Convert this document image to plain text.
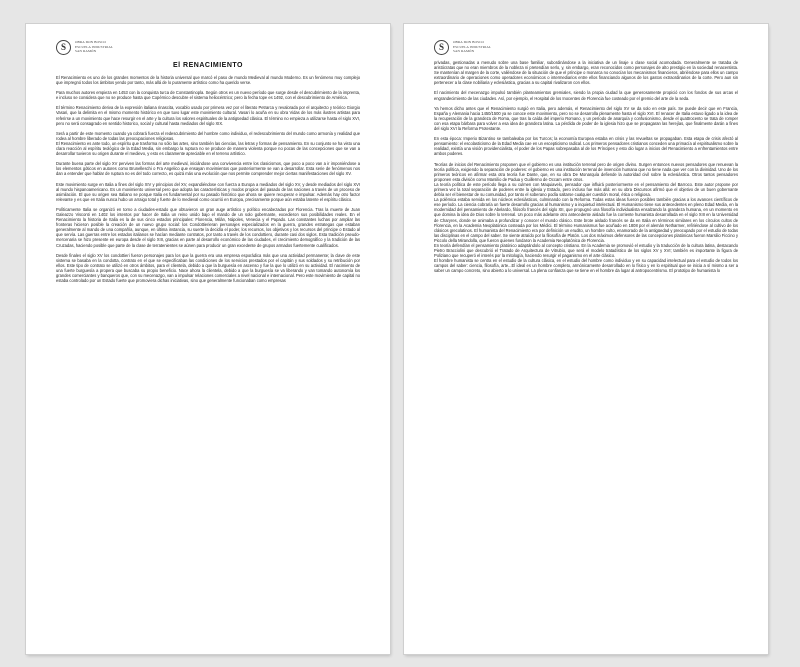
S	OBRA DON BOSCO
ESCUELA INDUSTRIAL
SAN RAMÓN
El RENACIMIENTO

El Renacimiento es uno de los grandes momentos de la historia universal que marcó el paso de mundo Medieval al mundo Moderno. Es un fenómeno muy complejo que impregnó todos los ámbitos yendo por tanto, más allá de lo puramente artístico como ha querido verse.

Para muchos autores empieza en 1453 con la conquista turca de Constantinopla. Según otros es un nuevo período que surge desde el descubrimiento de la imprenta, e incluso se considera que no se produce hasta que Copérnico descubre el sistema heliocéntrico; pero la fecha tope es 1492, con el descubrimiento de América.

El término Renacimiento deriva de la expresión italiana rinascita, vocablo usado por primera vez por el literato Petrarca y revalorada por el arquitecto y teórico Giorgio Vasari, que la delimita en el mismo momento histórico en que tuvo lugar este movimiento cultural. Vasari lo acuña en su obra Vidas de los más ilustres artistas para referirse a un movimiento que hace resurgir en el arte y la cultura los valores espirituales de la antigüedad clásica. El término no empieza a utilizarse hasta el siglo XVI, pero no será consagrado en sentido historico, social y cultural hasta mediados del siglo XIX.

Será a partir de este momento cuando ya cobrará fuerza el redescubrimiento del hombre como individuo, el redescubrimiento del mundo como armonía y realidad que rodea al hombre liberado de todas las preocupaciones religiosas.
El Renacimiento es ante todo, un espíritu que trasforma no sólo las artes, sino también las ciencias, las letras y formas de pensamiento. En su conjunto se ha visto una clara reacción al espíritu teológico de la Edad Media, sin embargo la ruptura no se produce de manera violenta porque no pocas de las concepciones que se van a desarrollar tuvieron su origen durante el medievo, y esto es claramente apreciable en el terreno artístico.

Durante buena parte del siglo XV perviven las formas del arte medieval, iniciándose una convivencia entre los clasicismos, que poco a poco van a ir imponiéndose a los elementos góticos en autores como Brunelleschi o Fra Angelico que ensayan movimientos que posteriormente se van a desarrollar. Esta serie de fenómenos nos dan a entender que hablar de ruptura no es del todo correcto, es quizá más una evolución que nos permite comprender mejor ciertas manifestaciones del siglo XV.

Este movimiento surge en Italia a fines del siglo XIV y principios del XV, expandiéndose con fuerza a Europa a mediados del siglo XV, y desde mediados del siglo XVI al mundo hispanoamericano. Es un movimiento universal pero que adopta las características y modos propios del pasado de las naciones a través de un proceso de asimilación. El que su origen sea Italiano se porque Italia es fundamental por su pasado histórico que ahora se quiere recuperar e impulsar. Además hay otro factor relevante y es que en Italia nunca hubo un arraigo total y fuerte de lo medieval como ocurrió en Europa, precisamente porque aún estaba latente el espíritu clásico.

Políticamente Italia se organizó en torno a ciudades-estado que obtuvieron un gran auge artístico y político encabezadas por Florencia. Tras la muerte de Juan Galeazzo Visconti en 1402 los intentos por hacer de Italia un reino unido bajo el mando de un solo gobernante, excedieron sus posibilidades reales. En el Renacimiento la historia de Italia es la de sus cinco estados principales: Florencia, Milán, Nápoles, Venecia y el Papado. Las constantes luchas por ampliar las fronteras hicieron posible la creación de un nuevo grupo social: los Condottierieran personajes especializados en la guerra, grandes estrategas que estaban generalmente al mando de una compañía, aunque, en última instancia, su suerte la decidía el poder, los recursos, los objetivos y los recursos del príncipe o Estado al que servía. Las guerras entre los estados italianos se hacían mediante contratos, por tanto a través de los condottiero, durante casi dos siglos. Esta tradición pseudo-mercenaria se hizo presente en europa desde el siglo XIII, gracias en parte al desarrollo económico de las ciudades, el crecimiento demográfico y la tradición de las Cruzadas, haciendo posible que parte de la clase de terratenientes se aúnen para producir un gran excedente de grupos armados fuertemente cualificados.

Desde finales el siglo XV los condottieri fueron personajes para los que la guerra era una empresa esporádica más que una actividad permanente; la clave de este sistema se basaba en la condotta, contrato en el que se especificaban las condiciones de los servicios prestados por el capitán y sus soldados y su retribución por ellos. Este tipo de contrato se utilizó en otros ámbitos, para el clientela, debido a que la burguesía en ascenso y fue la que lo utilizó en su actividad. El nacimiento de una fuerte burguesía a propera que buscaba su propio beneficio. Nace ahora la clientela, debido a que la burguesía se va liberando y van tomando autonomía los grandes comerciantes y banqueros que, con su mecenazgo, van a impulsar relaciones comerciales a nivel nacional e internacional. Pero este movimiento de capital no estaba controlado por un Estado fuerte que promoviera dichas iniciativas, sino que generalmente funcionaban como empresas

S	OBRA DON BOSCO
ESCUELA INDUSTRIAL
SAN RAMÓN

privadas, gestionadas a menudo sobre una base familiar, subordinándose a la iniciativa de un linaje o clase social acomodada. Generalmente se trataba de aristócratas que no eran miembros de la nobleza ni pretendían serlo, y, sin embargo, eran reconocidos como personajes de alto prestigio en la sociedad renacentista. Se mantenían al margen de la corte, valiéndose de la situación de que el príncipe o monarca no conocían los mecanismos financieros, abriéndose para ellos un campo extraordinario de operaciones como operadores económicos o intermediarios entre ellos financiando algunos de los gastos extraordinarios de la corte. Pero aun sin pertenecer a la clase nobiliaria y eclesiástica, gracias a su capital rivalizaron con ellos.

El nacimiento del mecenazgo impulsó también planteamientos gremiales, siendo la propia ciudad la que generosamente propició con los fondos de sus arcas el engrandecimiento de las ciudades. Así, por ejemplo, el Hospital de los Inocentes de Florencia fue costeado por el gremio del arte de la seda.

Ya hemos dicho antes que el Renacimiento surgió en Italia, pero además, el Renacimiento del siglo XV se da solo en este país. Se puede decir que en Francia, España y Alemania hacia 1450/1500 ya se conoce este movimiento, pero no se desarrolla plenamente hasta el siglo XVI. El renacer de Italia estuvo ligado a la idea de la recuperación de la grandeza de Roma, que tras la caída del imperio Romano, y un período de anarquía y confusionismo, desde el quattrocento se trata de romper con esa etapa bárbara para volver a esa idea de grandeza latina. La pérdida de poder de la iglesia hizo que se propagaran las herejías, que finalmente darán a fines del siglo XVI la Reforma Protestante.

En esta época: Imperio Bizantino se tambaleaba por los Turcos; la economía Europea estaba en crisis y las revueltas se propagaban. Esta etapa de crisis afectó al pensamiento: el escolasticismo de la Edad Media cae en un escepticismo radical. Los primeros pensadores cristianos conceden una primacía al espiritualismo sobre la realidad, existía una visión providencialista, el poder de los Papas sobrepasaba al de los Príncipes y esto dio lugar a inicios del Renacimiento a enfrentamientos entre ambos poderes.

Teorías de inicios del Renacimiento proponen que el gobierno es una institución terrenal pero de origen divino. Surgen entonces nuevos pensadores que renuevan la teoría política, exigiendo la separación de poderes: el gobierno es una institución terrenal de invención humana que no tiene nada que ver con la divinidad. Uno de los primeros teóricos en afirmar esta otra teoría fue Dante, que, en su obra De Monarquía defiende la autoridad civil sobre la eclesiástica. Otros tantos pensadores proponen esta división como Marsilio de Padua y Guillermo de Occam entre otros.
La teoría política de este período llega a su culmen con Maquiavelo, pensador que influirá posteriormente en el pensamiento del Barroco. Este autor propone por primera vez la total separación de poderes entre la iglesia y Estado, pero incluso fue más allá: en su obra Discursos afirmó que el objetivo de un buen gobernante debía ser el bienestar de su comunidad, por tanto el soberano podía saltarse cualquier cuestión moral, ética o religiosa.
La polémica estaba servida en los núcleos eclesiásticos, culminando con la Reforma. Todas estas ideas fueron posibles también gracias a los avances científicos de ese período. La ciencia cobraría un fuerte desarrollo gracias al humanismo y a inquietud intelectual. El Humanismo tiene sus antecedentes en pleno Edad Media, en la modernidad del pensamiento de Abelardo, filósofo francés del siglo XII, que propugnó una filosofía individualista ensalzando la grandeza humana, en un momento en que domina la idea de Dios sobre lo terrenal. Un poco más adelante otro antecedente aislado fue la corriente humanista desarrollada en el siglo XIII en la Universidad de Charyres, donde se animaba a profundizar y conocer el mundo clásico. Este brote aislado francés se da en Italia en términos similares en los círculos cultos de Florencia, en la Academia Neoplatónica costeada por los Médici. El término Humanismus fue acuñado en 1808 por el alemán Netharmer, refiriéndose al cultivo de los clásicos grecolatinos. El humanista del Renacimiento era por definición un erudito, un hombre culto, enamorado de la antigüedad y preocupado por el estudio de todas las disciplinas en el campo del saber. Se siente atraído por la filosofía de Platón. Los dos máximos defensores de las concepciones platónicas fueron Marsilio Ficcino y Piccolo della Mirandolla, que fueron quienes fundaron la Academia Neoplatónica de Florencia.
En teoría defendían el pensamiento platónico adaptándolo al concepto cristiano. En la Academia se promovió el estudio y la traducción de la cultura latina, destacando Pietro Bracciolini que descubrió el Tratado de Arquitectura de Vitrubio, que será el modelo tratadístico de los siglos XV y XVI; también es importante la figura de Poliziano que recuperó el interés por la mitología, haciendo resurgir el paganismo en el arte clásico.
El hombre humanista se centra en el estudio de la cultura clásica, en el estudio del hombre como individuo y en su capacidad intelectual para el estudio de todos los campos del saber: ciencia, filosofía, arte...El ideal es un hombre completo, armónicamente desarrollado en lo físico y en lo espiritual que se inicia a sí mismo a ser a saber un campo concreto, sino abierto a lo universal. La plena confianza que se tiene en el hombre da lugar al antropocentrismo. El prototipo de humanista lo
